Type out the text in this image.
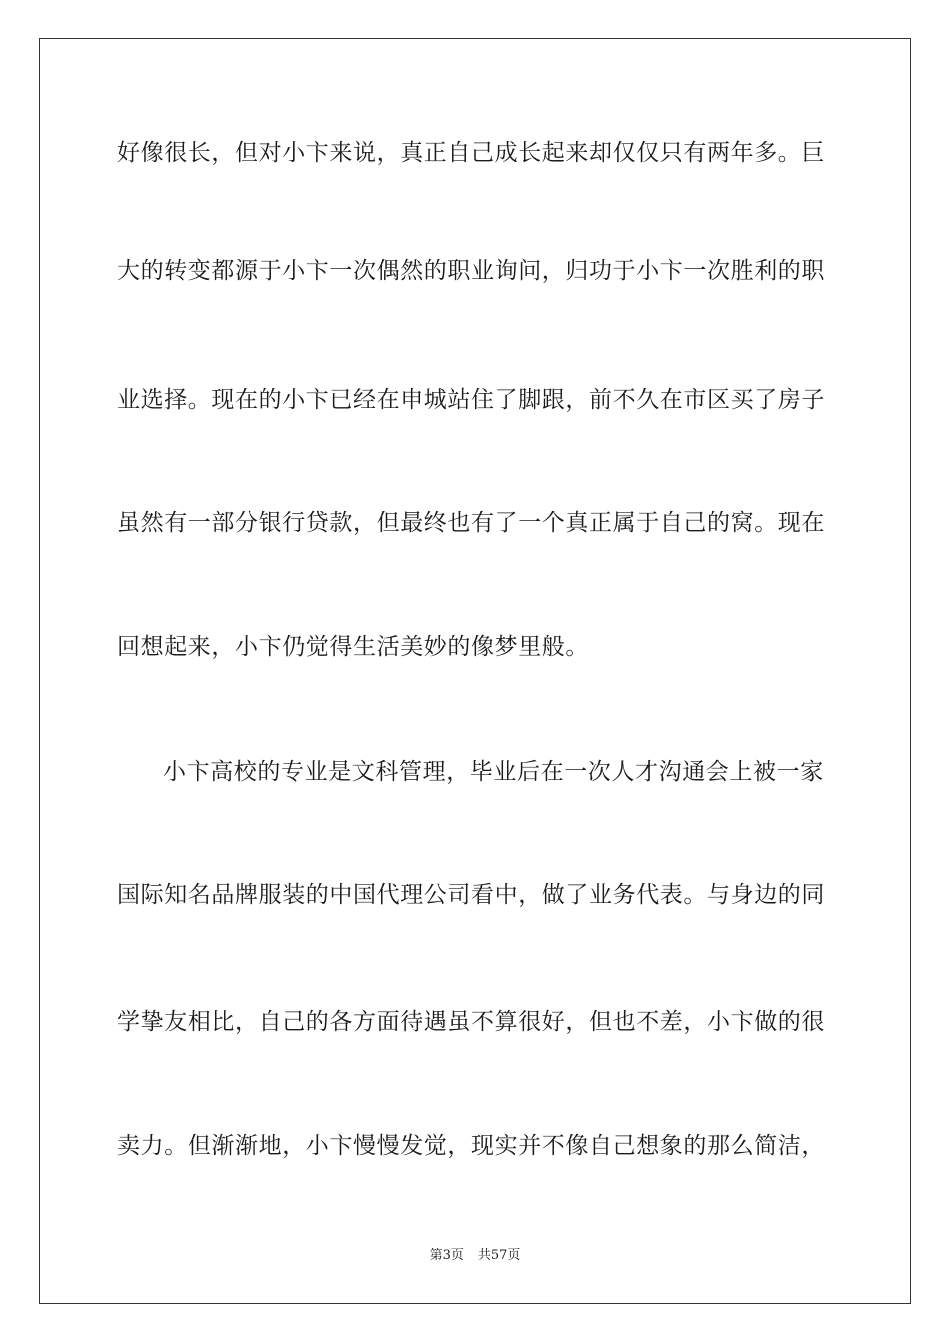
好像很长，但对小卞来说，真正自己成长起来却仅仅只有两年多。巨
大的转变都源于小卞一次偶然的职业询问，归功于小卞一次胜利的职
业选择。现在的小卞已经在申城站住了脚跟，前不久在市区买了房子
虽然有一部分银行贷款，但最终也有了一个真正属于自己的窝。现在
回想起来，小卞仍觉得生活美妙的像梦里般。
小卞高校的专业是文科管理，毕业后在一次人才沟通会上被一家
国际知名品牌服装的中国代理公司看中，做了业务代表。与身边的同
学挚友相比，自己的各方面待遇虽不算很好，但也不差，小卞做的很
卖力。但渐渐地，小卞慢慢发觉，现实并不像自己想象的那么简洁，
第3页 共57页
